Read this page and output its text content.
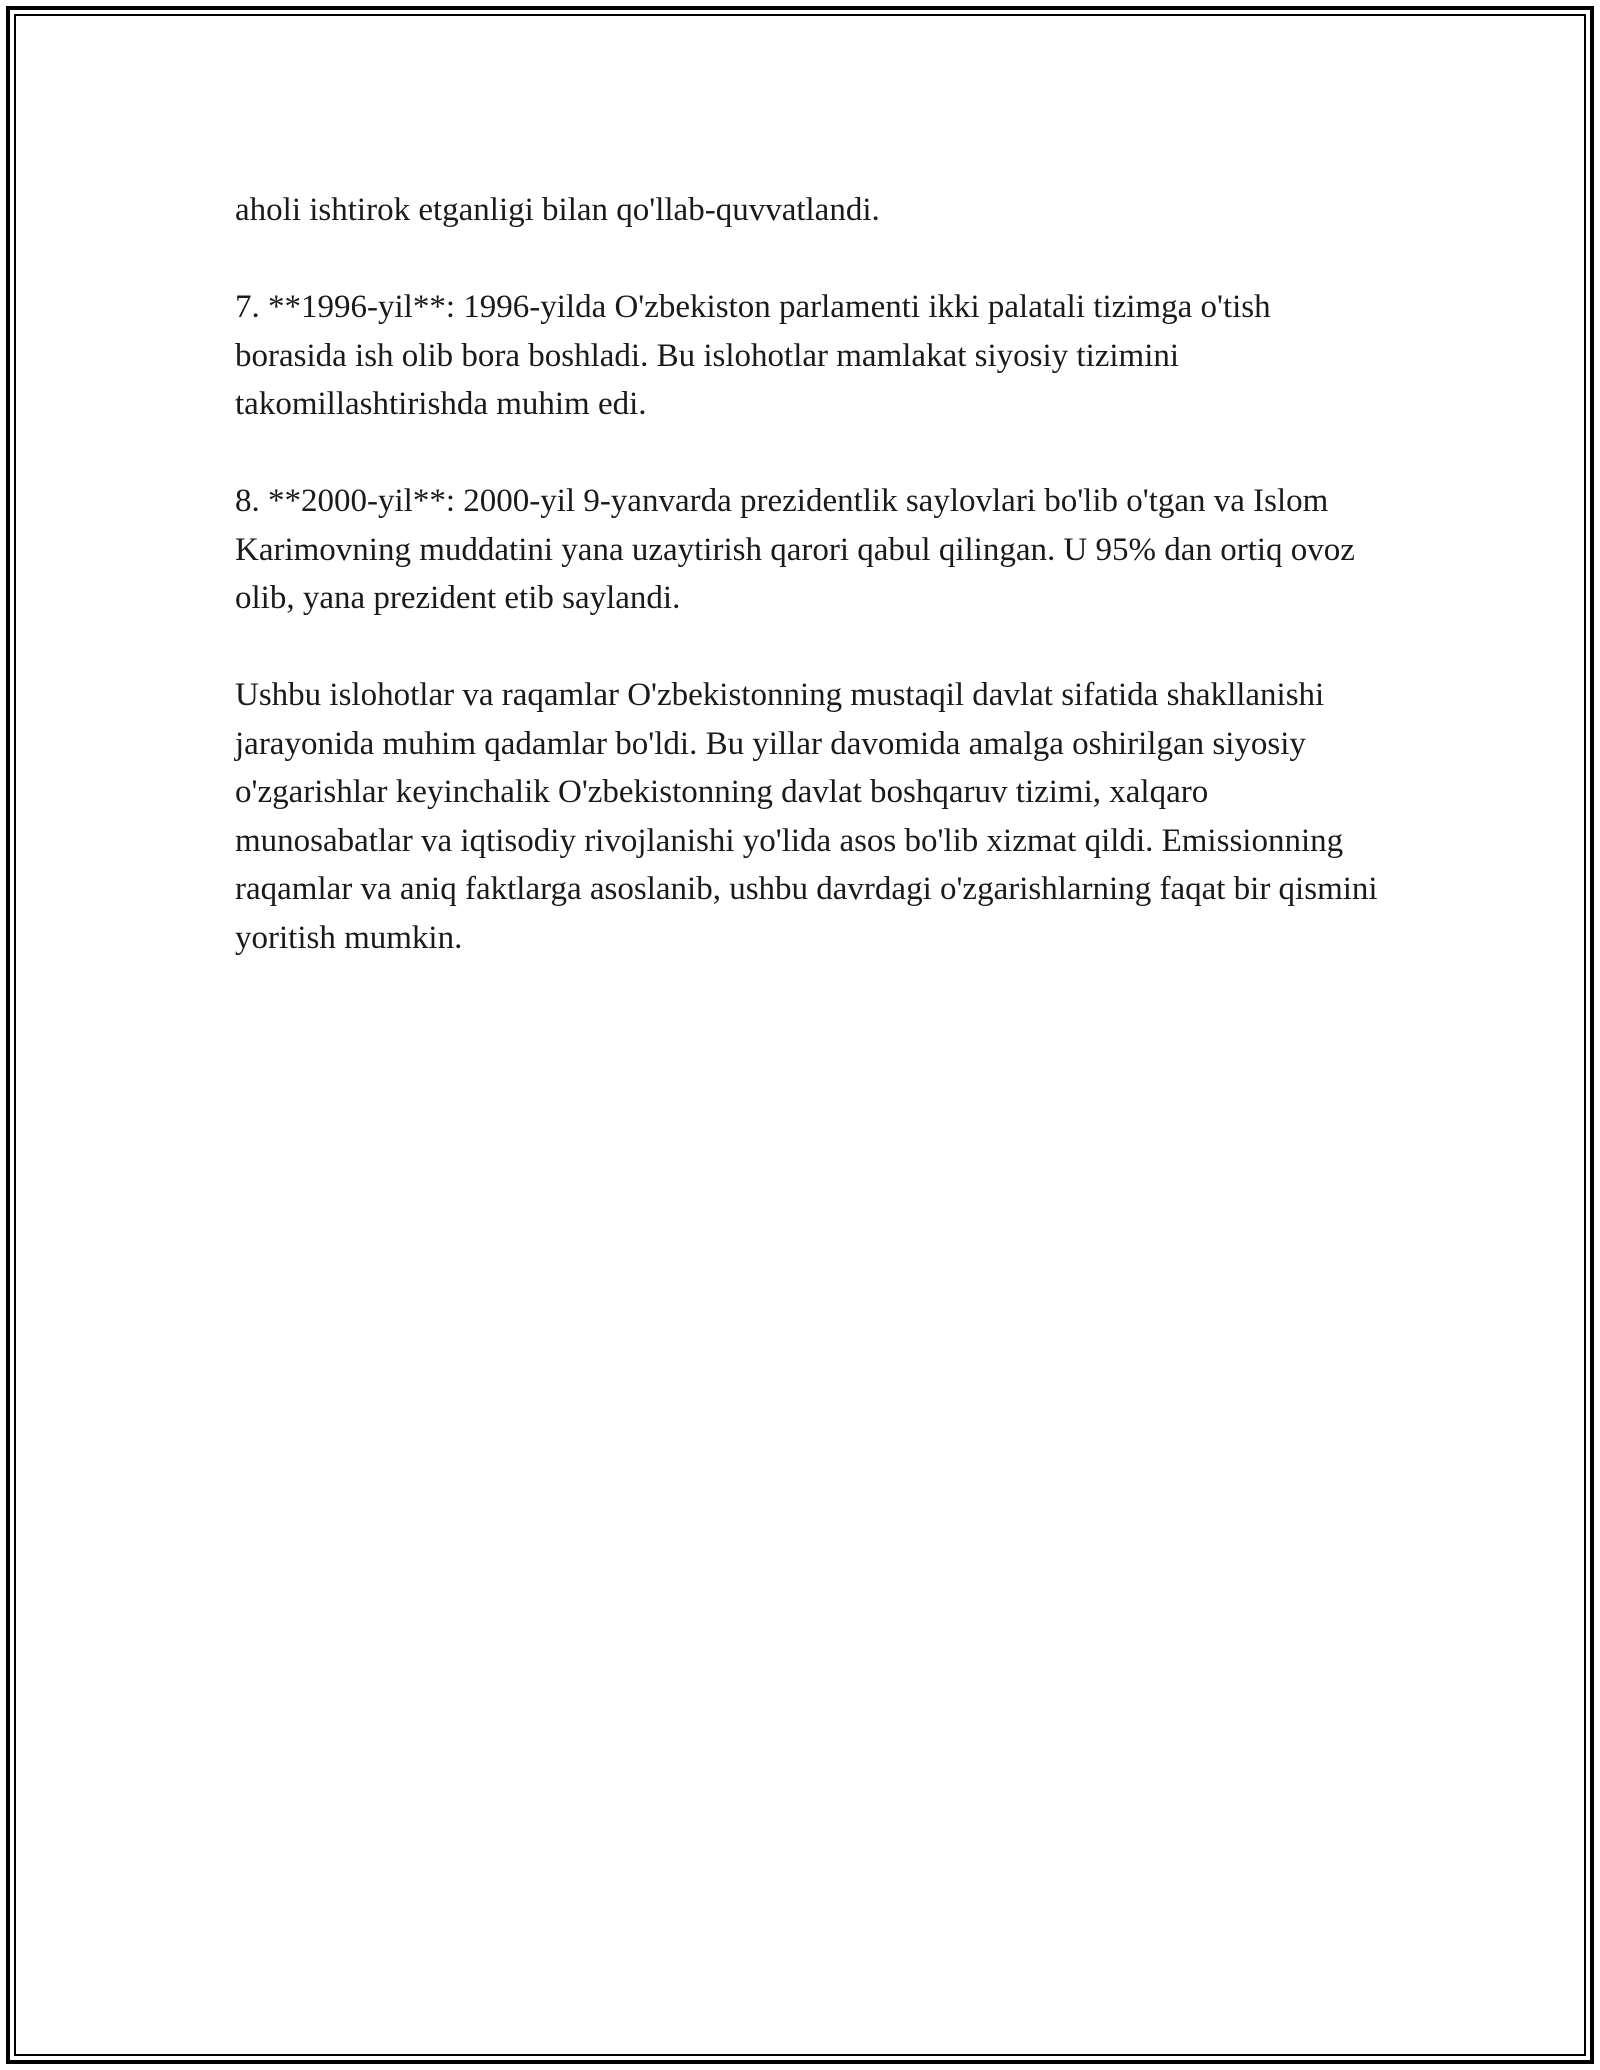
aholi ishtirok etganligi bilan qo'llab-quvvatlandi.

7. **1996-yil**: 1996-yilda O'zbekiston parlamenti ikki palatali tizimga o'tish borasida ish olib bora boshladi. Bu islohotlar mamlakat siyosiy tizimini takomillashtirishda muhim edi.

8. **2000-yil**: 2000-yil 9-yanvarda prezidentlik saylovlari bo'lib o'tgan va Islom Karimovning muddatini yana uzaytirish qarori qabul qilingan. U 95% dan ortiq ovoz olib, yana prezident etib saylandi.

Ushbu islohotlar va raqamlar O'zbekistonning mustaqil davlat sifatida shakllanishi jarayonida muhim qadamlar bo'ldi. Bu yillar davomida amalga oshirilgan siyosiy o'zgarishlar keyinchalik O'zbekistonning davlat boshqaruv tizimi, xalqaro munosabatlar va iqtisodiy rivojlanishi yo'lida asos bo'lib xizmat qildi. Emissionning raqamlar va aniq faktlarga asoslanib, ushbu davrdagi o'zgarishlarning faqat bir qismini yoritish mumkin.
